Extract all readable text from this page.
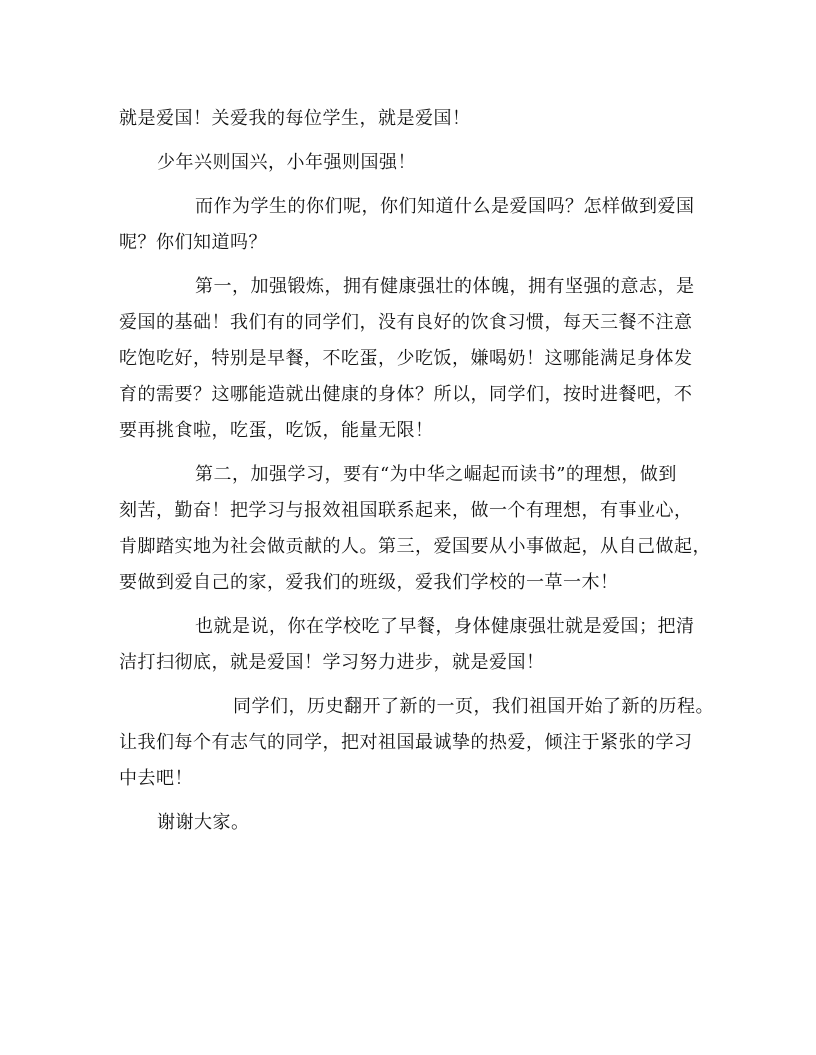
就是爱国！关爱我的每位学生，就是爱国！

少年兴则国兴，小年强则国强！

而作为学生的你们呢，你们知道什么是爱国吗？怎样做到爱国
呢？你们知道吗？

第一，加强锻炼，拥有健康强壮的体魄，拥有坚强的意志，是
爱国的基础！我们有的同学们，没有良好的饮食习惯，每天三餐不注意
吃饱吃好，特别是早餐，不吃蛋，少吃饭，嫌喝奶！这哪能满足身体发
育的需要？这哪能造就出健康的身体？所以，同学们，按时进餐吧，不
要再挑食啦，吃蛋，吃饭，能量无限！

第二，加强学习，要有“为中华之崛起而读书”的理想，做到
刻苦，勤奋！把学习与报效祖国联系起来，做一个有理想，有事业心，
肯脚踏实地为社会做贡献的人。第三，爱国要从小事做起，从自己做起，
要做到爱自己的家，爱我们的班级，爱我们学校的一草一木！

也就是说，你在学校吃了早餐，身体健康强壮就是爱国；把清
洁打扫彻底，就是爱国！学习努力进步，就是爱国！

同学们，历史翻开了新的一页，我们祖国开始了新的历程。
让我们每个有志气的同学，把对祖国最诚挚的热爱，倾注于紧张的学习
中去吧！

谢谢大家。
